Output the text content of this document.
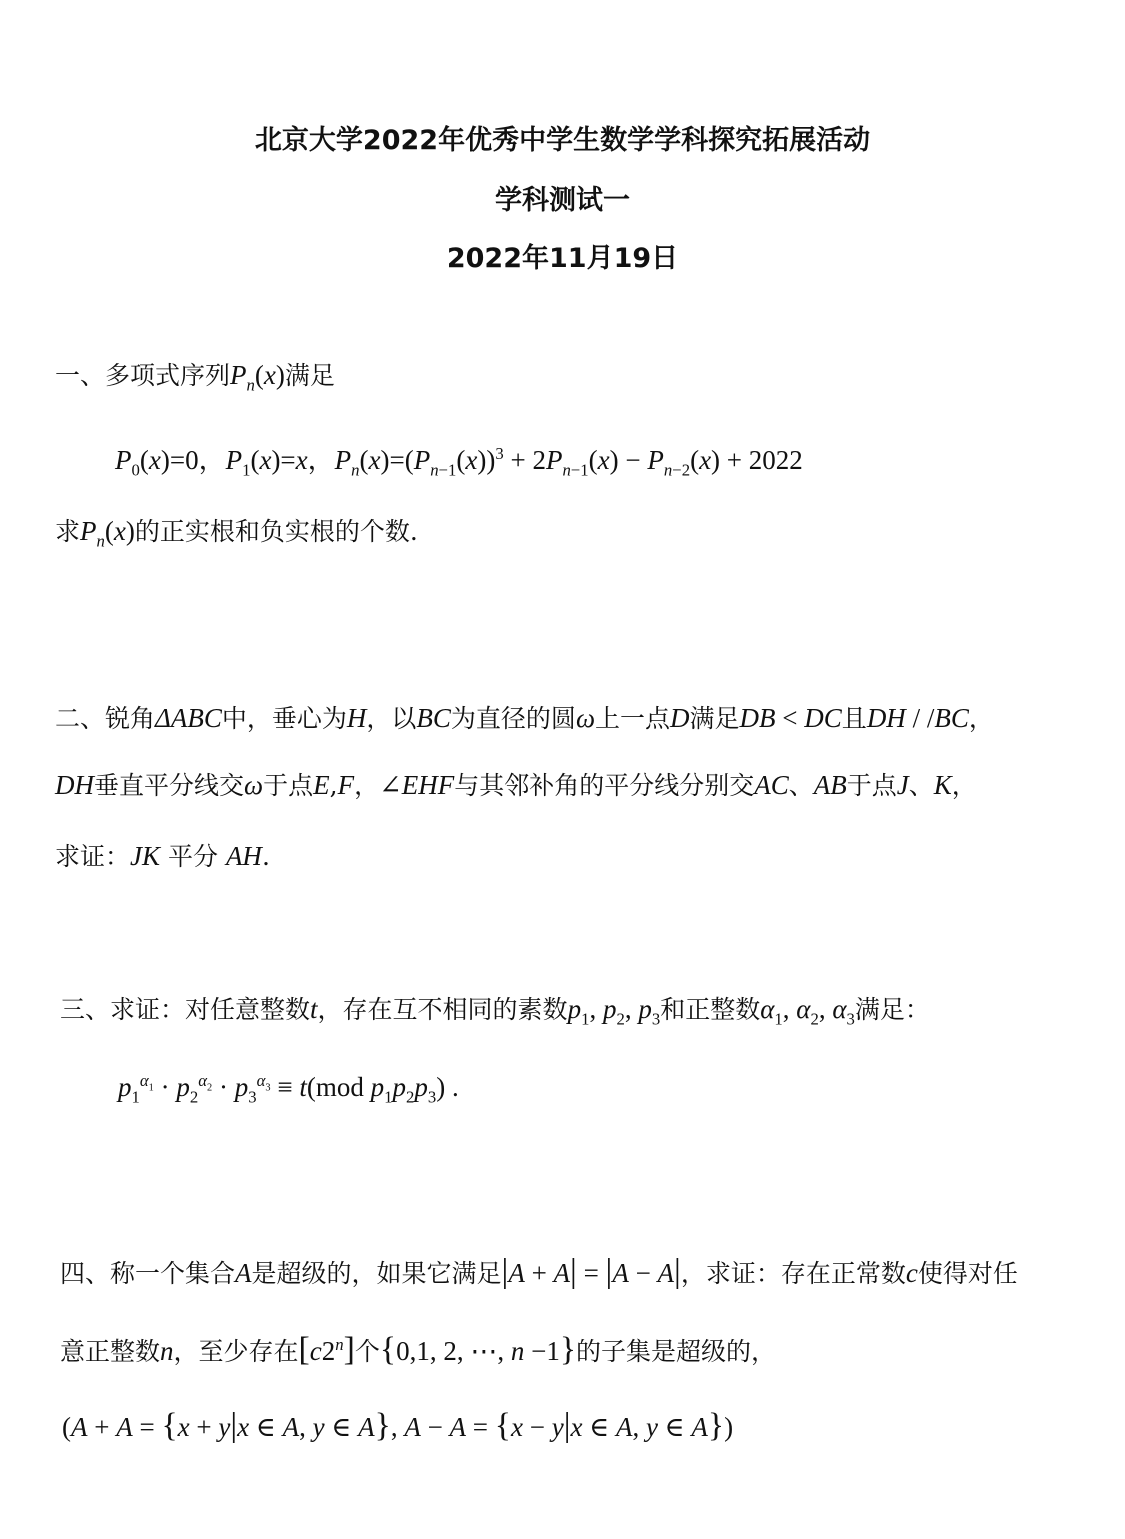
北京大学2022年优秀中学生数学学科探究拓展活动
学科测试一
2022年11月19日
一、多项式序列$P_n(x)$满足
$P_0(x)=0$，$P_1(x)=x$，$P_n(x)=(P_{n-1}(x))^3 + 2P_{n-1}(x) - P_{n-2}(x) + 2022$
求$P_n(x)$的正实根和负实根的个数.
二、锐角ΔABC中，垂心为H，以BC为直径的圆ω上一点D满足DB < DC且DH / /BC，
DH垂直平分线交ω于点E,F，∠EHF与其邻补角的平分线分别交AC、AB于点J、K，
求证：JK 平分 AH.
三、求证：对任意整数t，存在互不相同的素数$p_1$, $p_2$, $p_3$和正整数$\alpha_1$, $\alpha_2$, $\alpha_3$满足：
$p_1^{\alpha_1} \cdot p_2^{\alpha_2} \cdot p_3^{\alpha_3} \equiv t(mod$ $p_1p_2p_3$) .
四、称一个集合A是超级的，如果它满足|A + A| = |A − A|，求证：存在正常数c使得对任
意正整数n，至少存在[c2$^n$]个{0,1, 2, ⋯, n −1}的子集是超级的，
(A + A = {x + y|x ∈ A, y ∈ A}, A − A = {x − y|x ∈ A, y ∈ A})
